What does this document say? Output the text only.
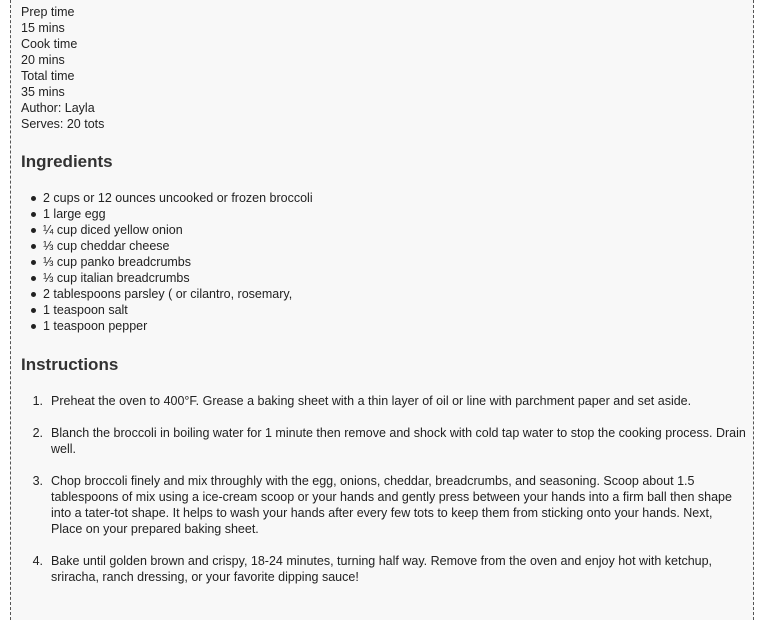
Prep time
15 mins
Cook time
20 mins
Total time
35 mins
Author: Layla
Serves: 20 tots
Ingredients
2 cups or 12 ounces uncooked or frozen broccoli
1 large egg
¼ cup diced yellow onion
⅓ cup cheddar cheese
⅓ cup panko breadcrumbs
⅓ cup italian breadcrumbs
2 tablespoons parsley ( or cilantro, rosemary,
1 teaspoon salt
1 teaspoon pepper
Instructions
1. Preheat the oven to 400°F. Grease a baking sheet with a thin layer of oil or line with parchment paper and set aside.
2. Blanch the broccoli in boiling water for 1 minute then remove and shock with cold tap water to stop the cooking process. Drain well.
3. Chop broccoli finely and mix throughly with the egg, onions, cheddar, breadcrumbs, and seasoning. Scoop about 1.5 tablespoons of mix using a ice-cream scoop or your hands and gently press between your hands into a firm ball then shape into a tater-tot shape. It helps to wash your hands after every few tots to keep them from sticking onto your hands. Next, Place on your prepared baking sheet.
4. Bake until golden brown and crispy, 18-24 minutes, turning half way. Remove from the oven and enjoy hot with ketchup, sriracha, ranch dressing, or your favorite dipping sauce!
